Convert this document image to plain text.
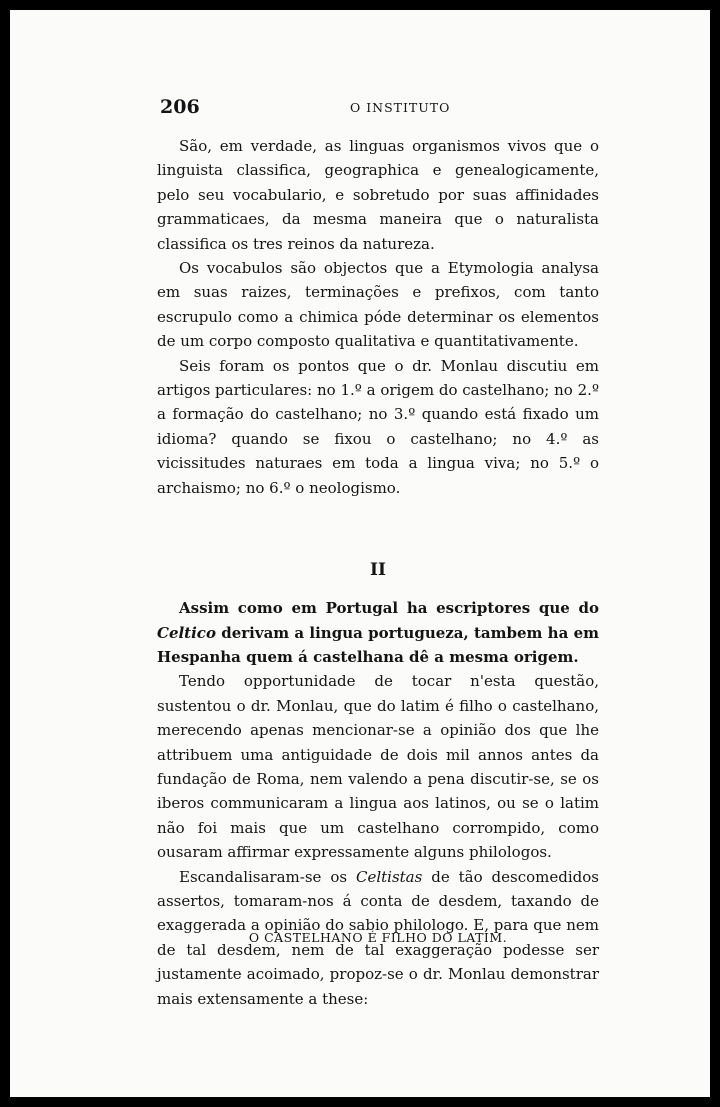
206	O INSTITUTO

São, em verdade, as linguas organismos vivos que o linguista classifica, geographica e genealogicamente, pelo seu vocabulario, e sobretudo por suas affinidades grammaticaes, da mesma maneira que o naturalista classifica os tres reinos da natureza.

Os vocabulos são objectos que a Etymologia analysa em suas raizes, terminações e prefixos, com tanto escrupulo como a chimica póde determinar os elementos de um corpo composto qualitativa e quantitativamente.

Seis foram os pontos que o dr. Monlau discutiu em artigos particulares: no 1.º a origem do castelhano; no 2.º a formação do castelhano; no 3.º quando está fixado um idioma? quando se fixou o castelhano; no 4.º as vicissitudes naturaes em toda a lingua viva; no 5.º o archaismo; no 6.º o neologismo.

II

Assim como em Portugal ha escriptores que do Celtico derivam a lingua portugueza, tambem ha em Hespanha quem á castelhana dê a mesma origem.

Tendo opportunidade de tocar n'esta questão, sustentou o dr. Monlau, que do latim é filho o castelhano, merecendo apenas mencionar-se a opinião dos que lhe attribuem uma antiguidade de dois mil annos antes da fundação de Roma, nem valendo a pena discutir-se, se os iberos communicaram a lingua aos latinos, ou se o latim não foi mais que um castelhano corrompido, como ousaram affirmar expressamente alguns philologos.

Escandalisaram-se os Celtistas de tão descomedidos assertos, tomaram-nos á conta de desdem, taxando de exaggerada a opinião do sabio philologo. E, para que nem de tal desdem, nem de tal exaggeração podesse ser justamente acoimado, propoz-se o dr. Monlau demonstrar mais extensamente a these:

O CASTELHANO É FILHO DO LATIM.
